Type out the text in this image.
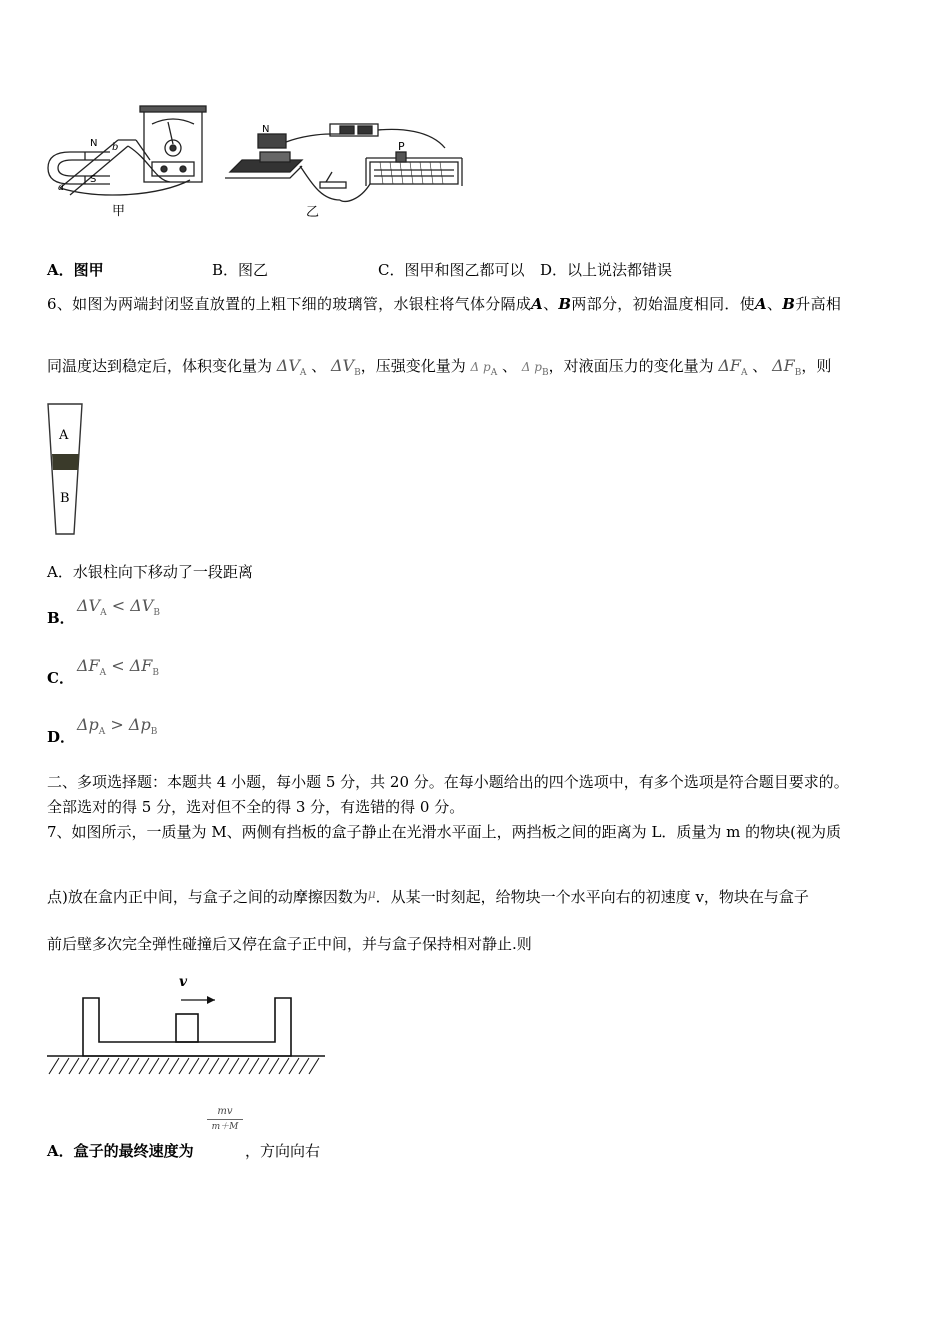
N
S
b
a
甲
N
P
乙
A．图甲	B．图乙	C．图甲和图乙都可以 D．以上说法都错误
6、如图为两端封闭竖直放置的上粗下细的玻璃管，水银柱将气体分隔成A、B两部分，初始温度相同．使A、B升高相
同温度达到稳定后，体积变化量为 $\Delta V_A$ 、 $\Delta V_B$，压强变化量为 Δ $p_A$ 、 Δ $p_B$，对液面压力的变化量为 $\Delta F_A$ 、 $\Delta F_B$，则
A
B
A．水银柱向下移动了一段距离
B．
$\Delta V_A < \Delta V_B$
C．
$\Delta F_A < \Delta F_B$
D．
$\Delta p_A > \Delta p_B$
二、多项选择题：本题共 4 小题，每小题 5 分，共 20 分。在每小题给出的四个选项中，有多个选项是符合题目要求的。
全部选对的得 5 分，选对但不全的得 3 分，有选错的得 0 分。
7、如图所示，一质量为 M、两侧有挡板的盒子静止在光滑水平面上，两挡板之间的距离为 L．质量为 m 的物块(视为质
点)放在盒内正中间，与盒子之间的动摩擦因数为$^\mu$．从某一时刻起，给物块一个水平向右的初速度 v，物块在与盒子
前后壁多次完全弹性碰撞后又停在盒子正中间，并与盒子保持相对静止.则
v
A．盒子的最终速度为
mv
m＋M
，方向向右
